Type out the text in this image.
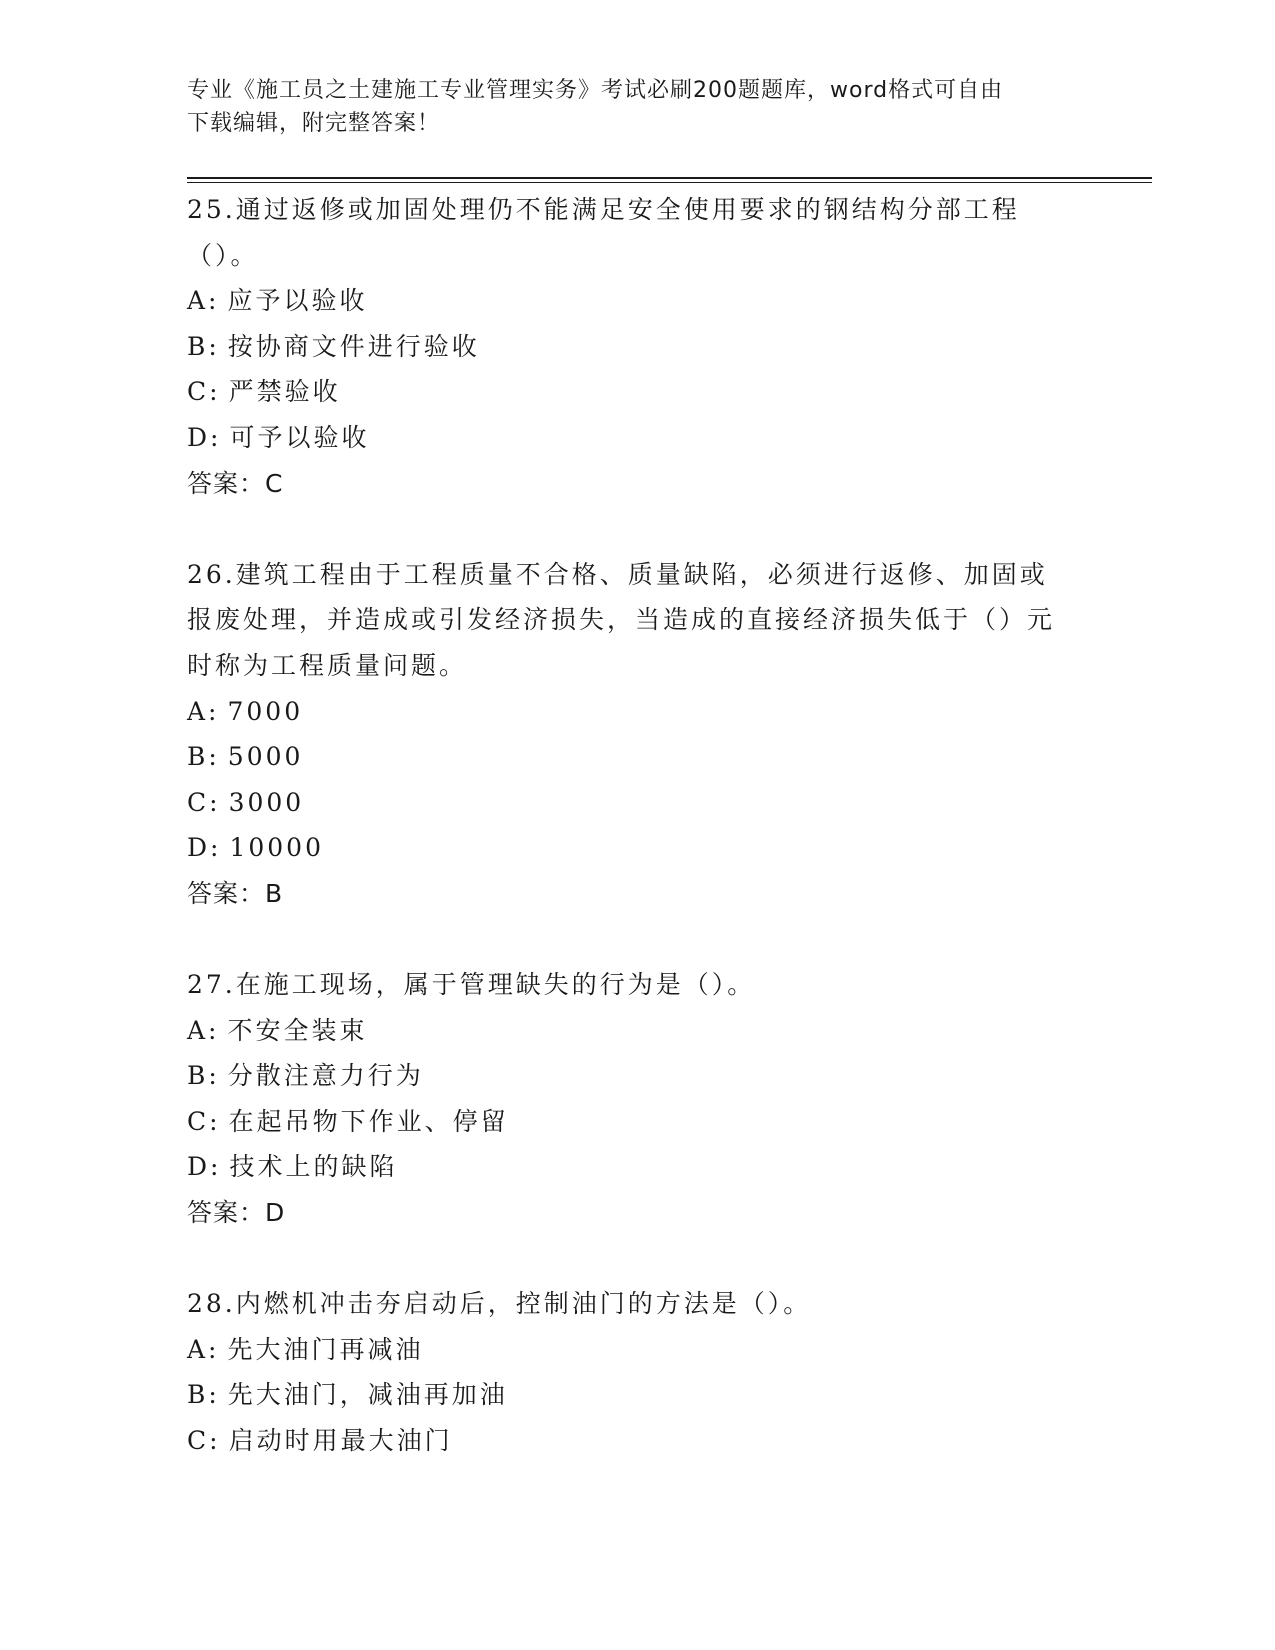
专业《施工员之土建施工专业管理实务》考试必刷200题题库，word格式可自由
下载编辑，附完整答案！
25.通过返修或加固处理仍不能满足安全使用要求的钢结构分部工程（）。
A: 应予以验收
B: 按协商文件进行验收
C: 严禁验收
D: 可予以验收
答案：C
26.建筑工程由于工程质量不合格、质量缺陷，必须进行返修、加固或报废处理，并造成或引发经济损失，当造成的直接经济损失低于（）元时称为工程质量问题。
A: 7000
B: 5000
C: 3000
D: 10000
答案：B
27.在施工现场，属于管理缺失的行为是（）。
A: 不安全装束
B: 分散注意力行为
C: 在起吊物下作业、停留
D: 技术上的缺陷
答案：D
28.内燃机冲击夯启动后，控制油门的方法是（）。
A: 先大油门再减油
B: 先大油门，减油再加油
C: 启动时用最大油门
